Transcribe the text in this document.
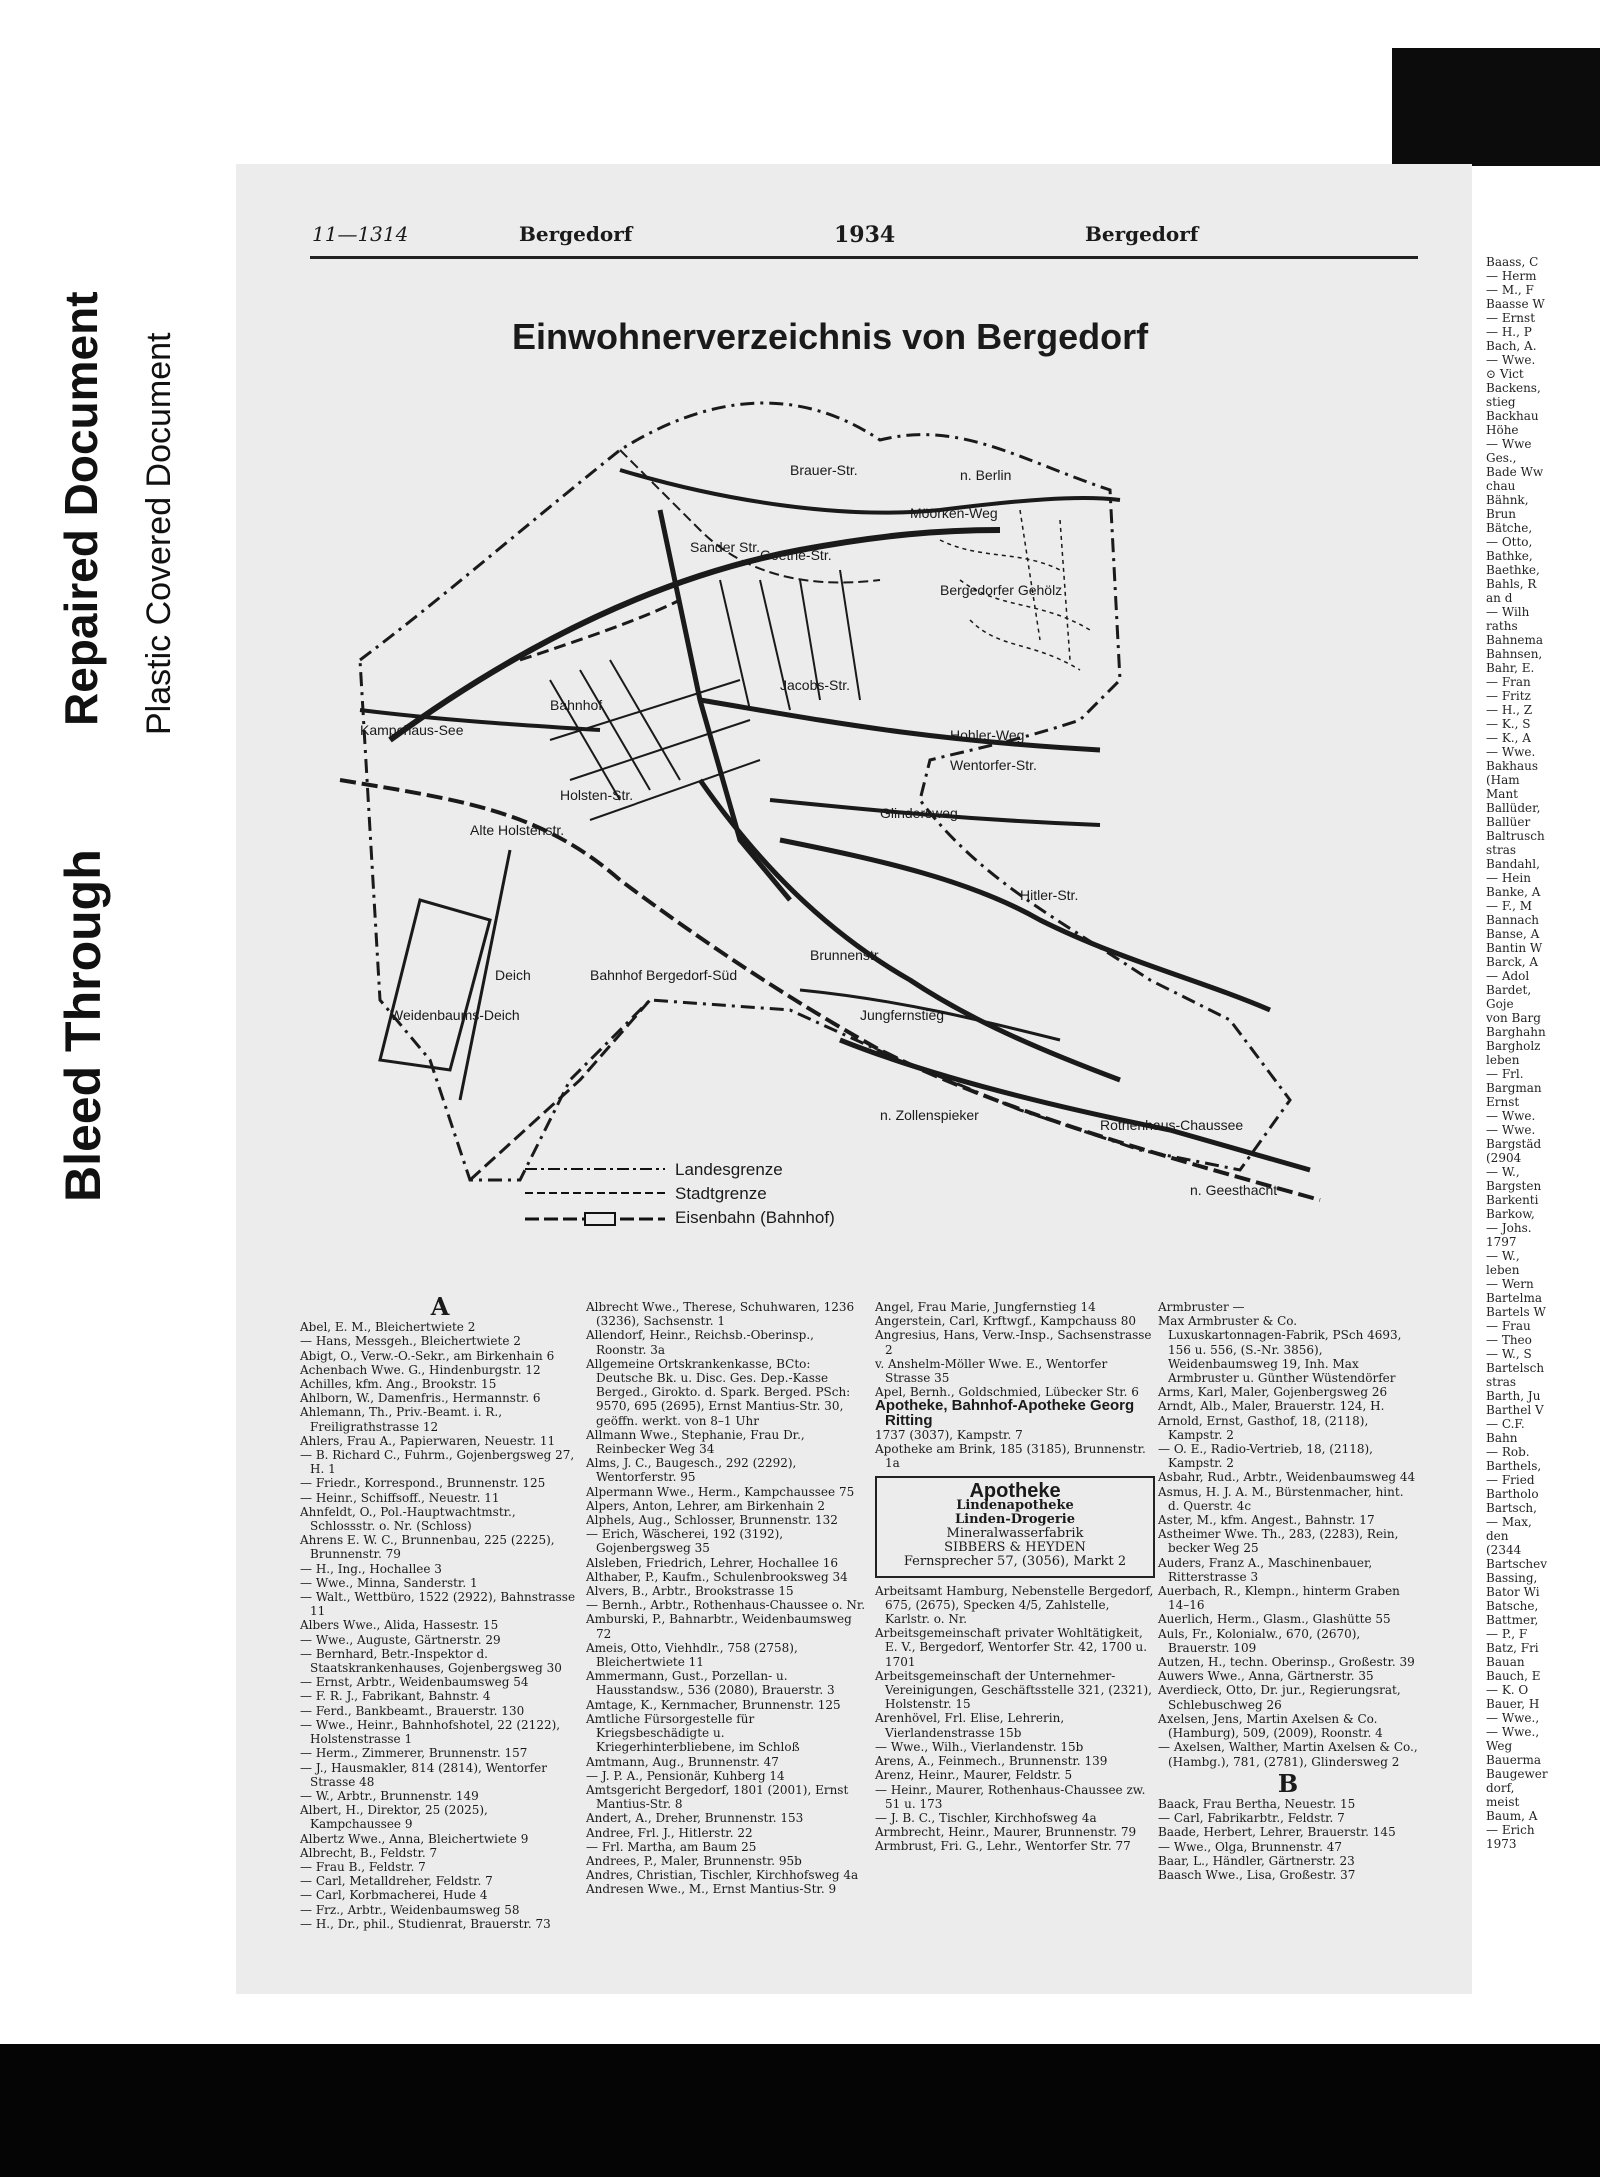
Bleed Through
Repaired Document Plastic Covered Document
11—1314	Bergedorf	1934	Bergedorf
Einwohnerverzeichnis von Bergedorf
Brauer-Str.
Möörken-Weg
n. Berlin
Bergedorfer Gehölz
Goethe-Str.
Sander Str.
Kampchaus-See
Bahnhof
Jacobs-Str.
Hohler-Weg
Wentorfer-Str.
Glindersweg
Hitler-Str.
Weidenbaums-Deich
Deich	Bahnhof Bergedorf-Süd
Brunnenstr.
Jungfernstieg
Rothenhaus-Chaussee
n. Zollenspieker
n. Geesthacht
Holsten-Str.
Alte Holstenstr.
Landesgrenze
Stadtgrenze
Eisenbahn (Bahnhof)
A

Abel, E. M., Bleichertwiete 2

— Hans, Messgeh., Bleichertwiete 2

Abigt, O., Verw.-O.-Sekr., am Birkenhain 6

Achenbach Wwe. G., Hindenburgstr. 12

Achilles, kfm. Ang., Brookstr. 15

Ahlborn, W., Damenfris., Hermannstr. 6

Ahlemann, Th., Priv.-Beamt. i. R., Freiligrathstrasse 12

Ahlers, Frau A., Papierwaren, Neuestr. 11

— B. Richard C., Fuhrm., Gojenbergsweg 27, H. 1

— Friedr., Korrespond., Brunnenstr. 125

— Heinr., Schiffsoff., Neuestr. 11

Ahnfeldt, O., Pol.-Hauptwachtmstr., Schlossstr. o. Nr. (Schloss)

Ahrens E. W. C., Brunnenbau, 225 (2225), Brunnenstr. 79

— H., Ing., Hochallee 3

— Wwe., Minna, Sanderstr. 1

— Walt., Wettbüro, 1522 (2922), Bahnstrasse 11

Albers Wwe., Alida, Hassestr. 15

— Wwe., Auguste, Gärtnerstr. 29

— Bernhard, Betr.-Inspektor d. Staatskrankenhauses, Gojenbergsweg 30

— Ernst, Arbtr., Weidenbaumsweg 54

— F. R. J., Fabrikant, Bahnstr. 4

— Ferd., Bankbeamt., Brauerstr. 130

— Wwe., Heinr., Bahnhofshotel, 22 (2122), Holstenstrasse 1

— Herm., Zimmerer, Brunnenstr. 157

— J., Hausmakler, 814 (2814), Wentorfer Strasse 48

— W., Arbtr., Brunnenstr. 149

Albert, H., Direktor, 25 (2025), Kampchaussee 9

Albertz Wwe., Anna, Bleichertwiete 9

Albrecht, B., Feldstr. 7

— Frau B., Feldstr. 7

— Carl, Metalldreher, Feldstr. 7

— Carl, Korbmacherei, Hude 4

— Frz., Arbtr., Weidenbaumsweg 58

— H., Dr., phil., Studienrat, Brauerstr. 73

Albrecht Wwe., Therese, Schuhwaren, 1236 (3236), Sachsenstr. 1

Allendorf, Heinr., Reichsb.-Oberinsp., Roonstr. 3a

Allgemeine Ortskrankenkasse, BCto: Deutsche Bk. u. Disc. Ges. Dep.-Kasse Berged., Girokto. d. Spark. Berged. PSch: 9570, 695 (2695), Ernst Mantius-Str. 30, geöffn. werkt. von 8–1 Uhr

Allmann Wwe., Stephanie, Frau Dr., Reinbecker Weg 34

Alms, J. C., Baugesch., 292 (2292), Wentorferstr. 95

Alpermann Wwe., Herm., Kampchaussee 75

Alpers, Anton, Lehrer, am Birkenhain 2

Alphels, Aug., Schlosser, Brunnenstr. 132

— Erich, Wäscherei, 192 (3192), Gojenbergsweg 35

Alsleben, Friedrich, Lehrer, Hochallee 16

Althaber, P., Kaufm., Schulenbrooksweg 34

Alvers, B., Arbtr., Brookstrasse 15

— Bernh., Arbtr., Rothenhaus-Chaussee o. Nr.

Amburski, P., Bahnarbtr., Weidenbaumsweg 72

Ameis, Otto, Viehhdlr., 758 (2758), Bleichertwiete 11

Ammermann, Gust., Porzellan- u. Hausstandsw., 536 (2080), Brauerstr. 3

Amtage, K., Kernmacher, Brunnenstr. 125

Amtliche Fürsorgestelle für Kriegsbeschädigte u. Kriegerhinterbliebene, im Schloß

Amtmann, Aug., Brunnenstr. 47

— J. P. A., Pensionär, Kuhberg 14

Amtsgericht Bergedorf, 1801 (2001), Ernst Mantius-Str. 8

Andert, A., Dreher, Brunnenstr. 153

Andree, Frl. J., Hitlerstr. 22

— Frl. Martha, am Baum 25

Andrees, P., Maler, Brunnenstr. 95b

Andres, Christian, Tischler, Kirchhofsweg 4a

Andresen Wwe., M., Ernst Mantius-Str. 9

Angel, Frau Marie, Jungfernstieg 14

Angerstein, Carl, Krftwgf., Kampchauss 80

Angresius, Hans, Verw.-Insp., Sachsenstrasse 2

v. Anshelm-Möller Wwe. E., Wentorfer Strasse 35

Apel, Bernh., Goldschmied, Lübecker Str. 6

Apotheke, Bahnhof-Apotheke Georg Ritting

1737 (3037), Kampstr. 7

Apotheke am Brink, 185 (3185), Brunnenstr. 1a

Apotheke
Lindenapotheke
Linden-Drogerie
Mineralwasserfabrik
SIBBERS & HEYDEN
Fernsprecher 57, (3056), Markt 2

Arbeitsamt Hamburg, Nebenstelle Bergedorf, 675, (2675), Specken 4/5, Zahlstelle, Karlstr. o. Nr.

Arbeitsgemeinschaft privater Wohltätigkeit, E. V., Bergedorf, Wentorfer Str. 42, 1700 u. 1701

Arbeitsgemeinschaft der Unternehmer-Vereinigungen, Geschäftsstelle 321, (2321), Holstenstr. 15

Arenhövel, Frl. Elise, Lehrerin, Vierlandenstrasse 15b

— Wwe., Wilh., Vierlandenstr. 15b

Arens, A., Feinmech., Brunnenstr. 139

Arenz, Heinr., Maurer, Feldstr. 5

— Heinr., Maurer, Rothenhaus-Chaussee zw. 51 u. 173

— J. B. C., Tischler, Kirchhofsweg 4a

Armbrecht, Heinr., Maurer, Brunnenstr. 79

Armbrust, Fri. G., Lehr., Wentorfer Str. 77

Armbruster —

Max Armbruster & Co. Luxuskartonnagen-Fabrik, PSch 4693, 156 u. 556, (S.-Nr. 3856), Weidenbaumsweg 19, Inh. Max Armbruster u. Günther Wüstendörfer

Arms, Karl, Maler, Gojenbergsweg 26

Arndt, Alb., Maler, Brauerstr. 124, H.

Arnold, Ernst, Gasthof, 18, (2118), Kampstr. 2

— O. E., Radio-Vertrieb, 18, (2118), Kampstr. 2

Asbahr, Rud., Arbtr., Weidenbaumsweg 44

Asmus, H. J. A. M., Bürstenmacher, hint. d. Querstr. 4c

Aster, M., kfm. Angest., Bahnstr. 17

Astheimer Wwe. Th., 283, (2283), Rein, becker Weg 25

Auders, Franz A., Maschinenbauer, Ritterstrasse 3

Auerbach, R., Klempn., hinterm Graben 14–16

Auerlich, Herm., Glasm., Glashütte 55

Auls, Fr., Kolonialw., 670, (2670), Brauerstr. 109

Autzen, H., techn. Oberinsp., Großestr. 39

Auwers Wwe., Anna, Gärtnerstr. 35

Averdieck, Otto, Dr. jur., Regierungsrat, Schlebuschweg 26

Axelsen, Jens, Martin Axelsen & Co. (Hamburg), 509, (2009), Roonstr. 4

— Axelsen, Walther, Martin Axelsen & Co., (Hambg.), 781, (2781), Glindersweg 2

B

Baack, Frau Bertha, Neuestr. 15

— Carl, Fabrikarbtr., Feldstr. 7

Baade, Herbert, Lehrer, Brauerstr. 145

— Wwe., Olga, Brunnenstr. 47

Baar, L., Händler, Gärtnerstr. 23

Baasch Wwe., Lisa, Großestr. 37

Baass, C

— Herm

— M., F

Baasse W

— Ernst

— H., P

Bach, A.

— Wwe.

⊙ Vict

Backens,

stieg

Backhau

Höhe

— Wwe

Ges.,

Bade Ww

chau

Bähnk,

Brun

Bätche,

— Otto,

Bathke,

Baethke,

Bahls, R

an d

— Wilh

raths

Bahnema

Bahnsen,

Bahr, E.

— Fran

— Fritz

— H., Z

— K., S

— K., A

— Wwe.

Bakhaus

(Ham

Mant

Ballüder,

Ballüer

Baltrusch

stras

Bandahl,

— Hein

Banke, A

— F., M

Bannach

Banse, A

Bantin W

Barck, A

— Adol

Bardet,

Goje

von Barg

Barghahn

Bargholz

leben

— Frl.

Bargman

Ernst

— Wwe.

— Wwe.

Bargstäd

(2904

— W.,

Bargsten

Barkenti

Barkow,

— Johs.

1797

— W.,

leben

— Wern

Bartelma

Bartels W

— Frau

— Theo

— W., S

Bartelsch

stras

Barth, Ju

Barthel V

— C.F.

Bahn

— Rob.

Barthels,

— Fried

Bartholo

Bartsch,

— Max,

den

(2344

Bartschev

Bassing,

Bator Wi

Batsche,

Battmer,

— P., F

Batz, Fri

Bauan

Bauch, E

— K. O

Bauer, H

— Wwe.,

— Wwe.,

Weg

Bauerma

Baugewer

dorf,

meist

Baum, A

— Erich

1973
